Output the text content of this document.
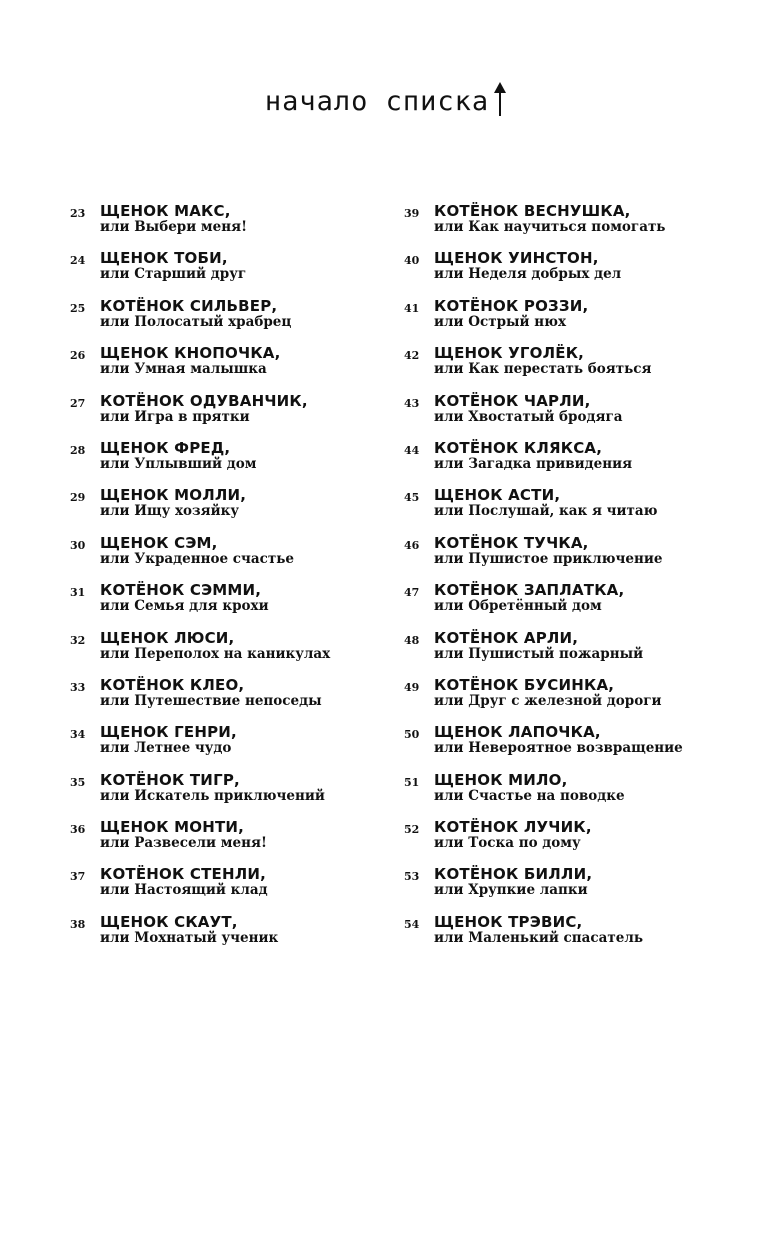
начало списка
23 ЩЕНОК МАКС,
или Выбери меня!
24 ЩЕНОК ТОБИ,
или Старший друг
25 КОТЁНОК СИЛЬВЕР,
или Полосатый храбрец
26 ЩЕНОК КНОПОЧКА,
или Умная малышка
27 КОТЁНОК ОДУВАНЧИК,
или Игра в прятки
28 ЩЕНОК ФРЕД,
или Уплывший дом
29 ЩЕНОК МОЛЛИ,
или Ищу хозяйку
30 ЩЕНОК СЭМ,
или Украденное счастье
31 КОТЁНОК СЭММИ,
или Семья для крохи
32 ЩЕНОК ЛЮСИ,
или Переполох на каникулах
33 КОТЁНОК КЛЕО,
или Путешествие непоседы
34 ЩЕНОК ГЕНРИ,
или Летнее чудо
35 КОТЁНОК ТИГР,
или Искатель приключений
36 ЩЕНОК МОНТИ,
или Развесели меня!
37 КОТЁНОК СТЕНЛИ,
или Настоящий клад
38 ЩЕНОК СКАУТ,
или Мохнатый ученик
39 КОТЁНОК ВЕСНУШКА,
или Как научиться помогать
40 ЩЕНОК УИНСТОН,
или Неделя добрых дел
41 КОТЁНОК РОЗЗИ,
или Острый нюх
42 ЩЕНОК УГОЛЁК,
или Как перестать бояться
43 КОТЁНОК ЧАРЛИ,
или Хвостатый бродяга
44 КОТЁНОК КЛЯКСА,
или Загадка привидения
45 ЩЕНОК АСТИ,
или Послушай, как я читаю
46 КОТЁНОК ТУЧКА,
или Пушистое приключение
47 КОТЁНОК ЗАПЛАТКА,
или Обретённый дом
48 КОТЁНОК АРЛИ,
или Пушистый пожарный
49 КОТЁНОК БУСИНКА,
или Друг с железной дороги
50 ЩЕНОК ЛАПОЧКА,
или Невероятное возвращение
51 ЩЕНОК МИЛО,
или Счастье на поводке
52 КОТЁНОК ЛУЧИК,
или Тоска по дому
53 КОТЁНОК БИЛЛИ,
или Хрупкие лапки
54 ЩЕНОК ТРЭВИС,
или Маленький спасатель
